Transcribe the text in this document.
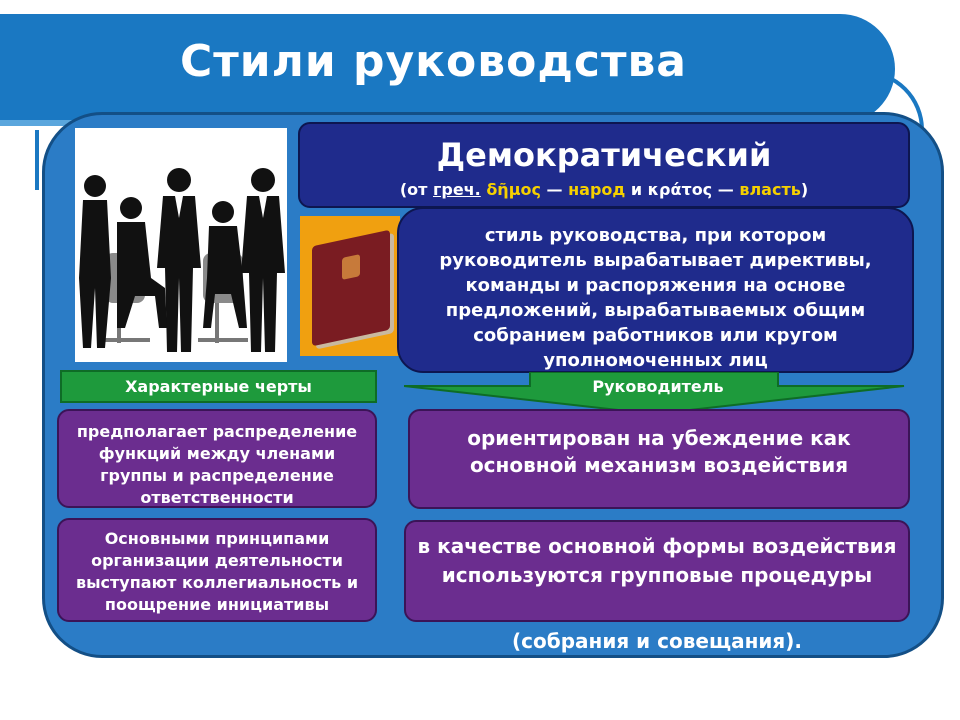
Стили руководства
Демократический
(от греч. δῆμος — народ и κράτος — власть)
стиль руководства, при котором руководитель вырабатывает директивы, команды и распоряжения на основе предложений, вырабатываемых общим собранием работников или кругом уполномоченных лиц
Характерные черты	Руководитель
предполагает распределение функций между членами группы и распределение ответственности
Основными принципами организации деятельности выступают коллегиальность и поощрение инициативы
ориентирован на убеждение как основной механизм воздействия
в качестве основной формы воздействия используются групповые процедуры
(собрания и совещания).
